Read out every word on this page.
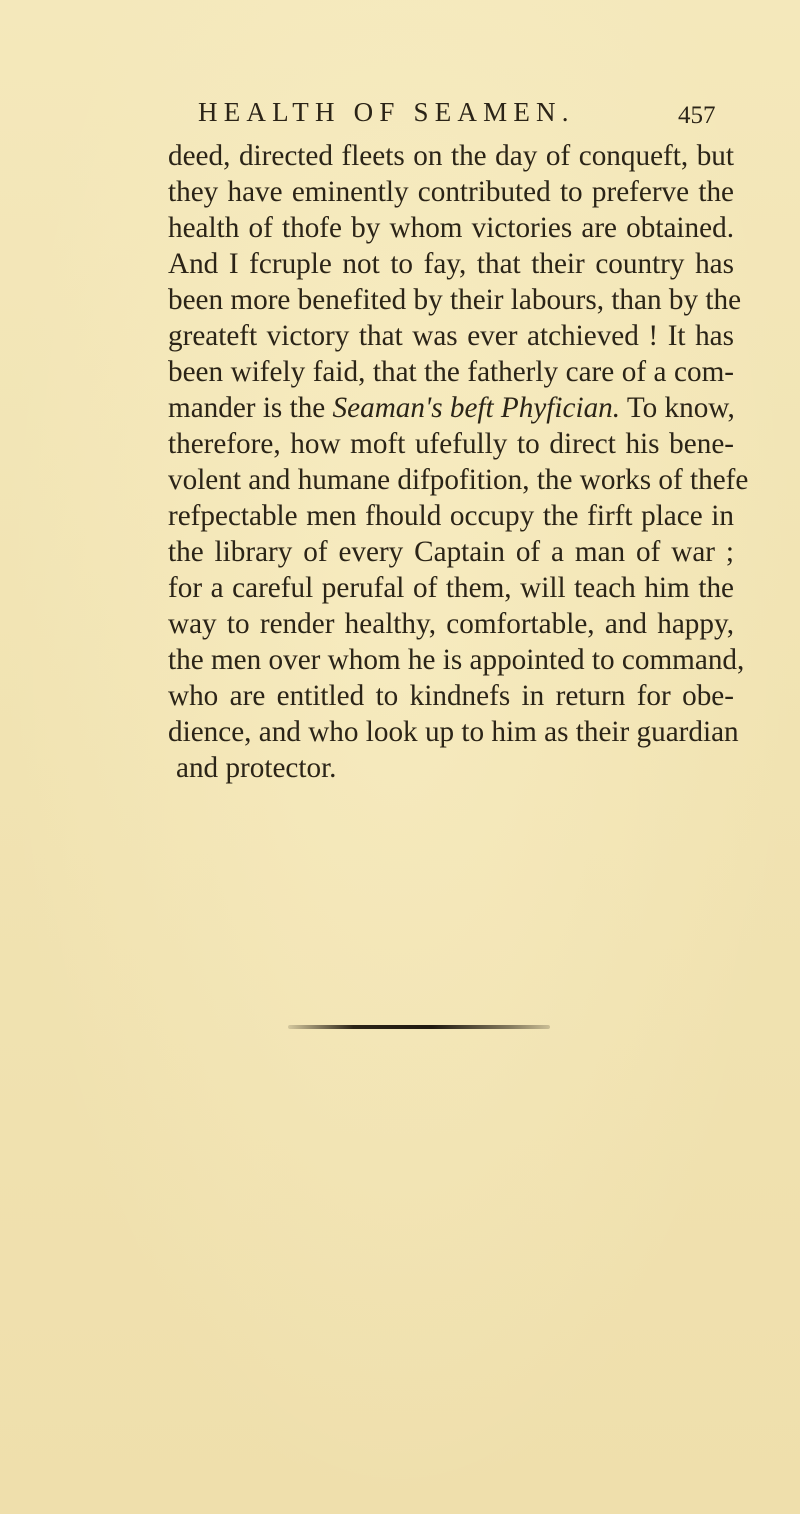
HEALTH OF SEAMEN.	457
deed, directed fleets on the day of conqueft, but
they have eminently contributed to preferve the
health of thofe by whom victories are obtained.
And I fcruple not to fay, that their country has
been more benefited by their labours, than by the
greateft victory that was ever atchieved ! It has
been wifely faid, that the fatherly care of a com-
mander is the Seaman's beft Phyfician. To know,
therefore, how moft ufefully to direct his bene-
volent and humane difpofition, the works of thefe
refpectable men fhould occupy the firft place in
the library of every Captain of a man of war ;
for a careful perufal of them, will teach him the
way to render healthy, comfortable, and happy,
the men over whom he is appointed to command,
who are entitled to kindnefs in return for obe-
dience, and who look up to him as their guardian
and protector.
